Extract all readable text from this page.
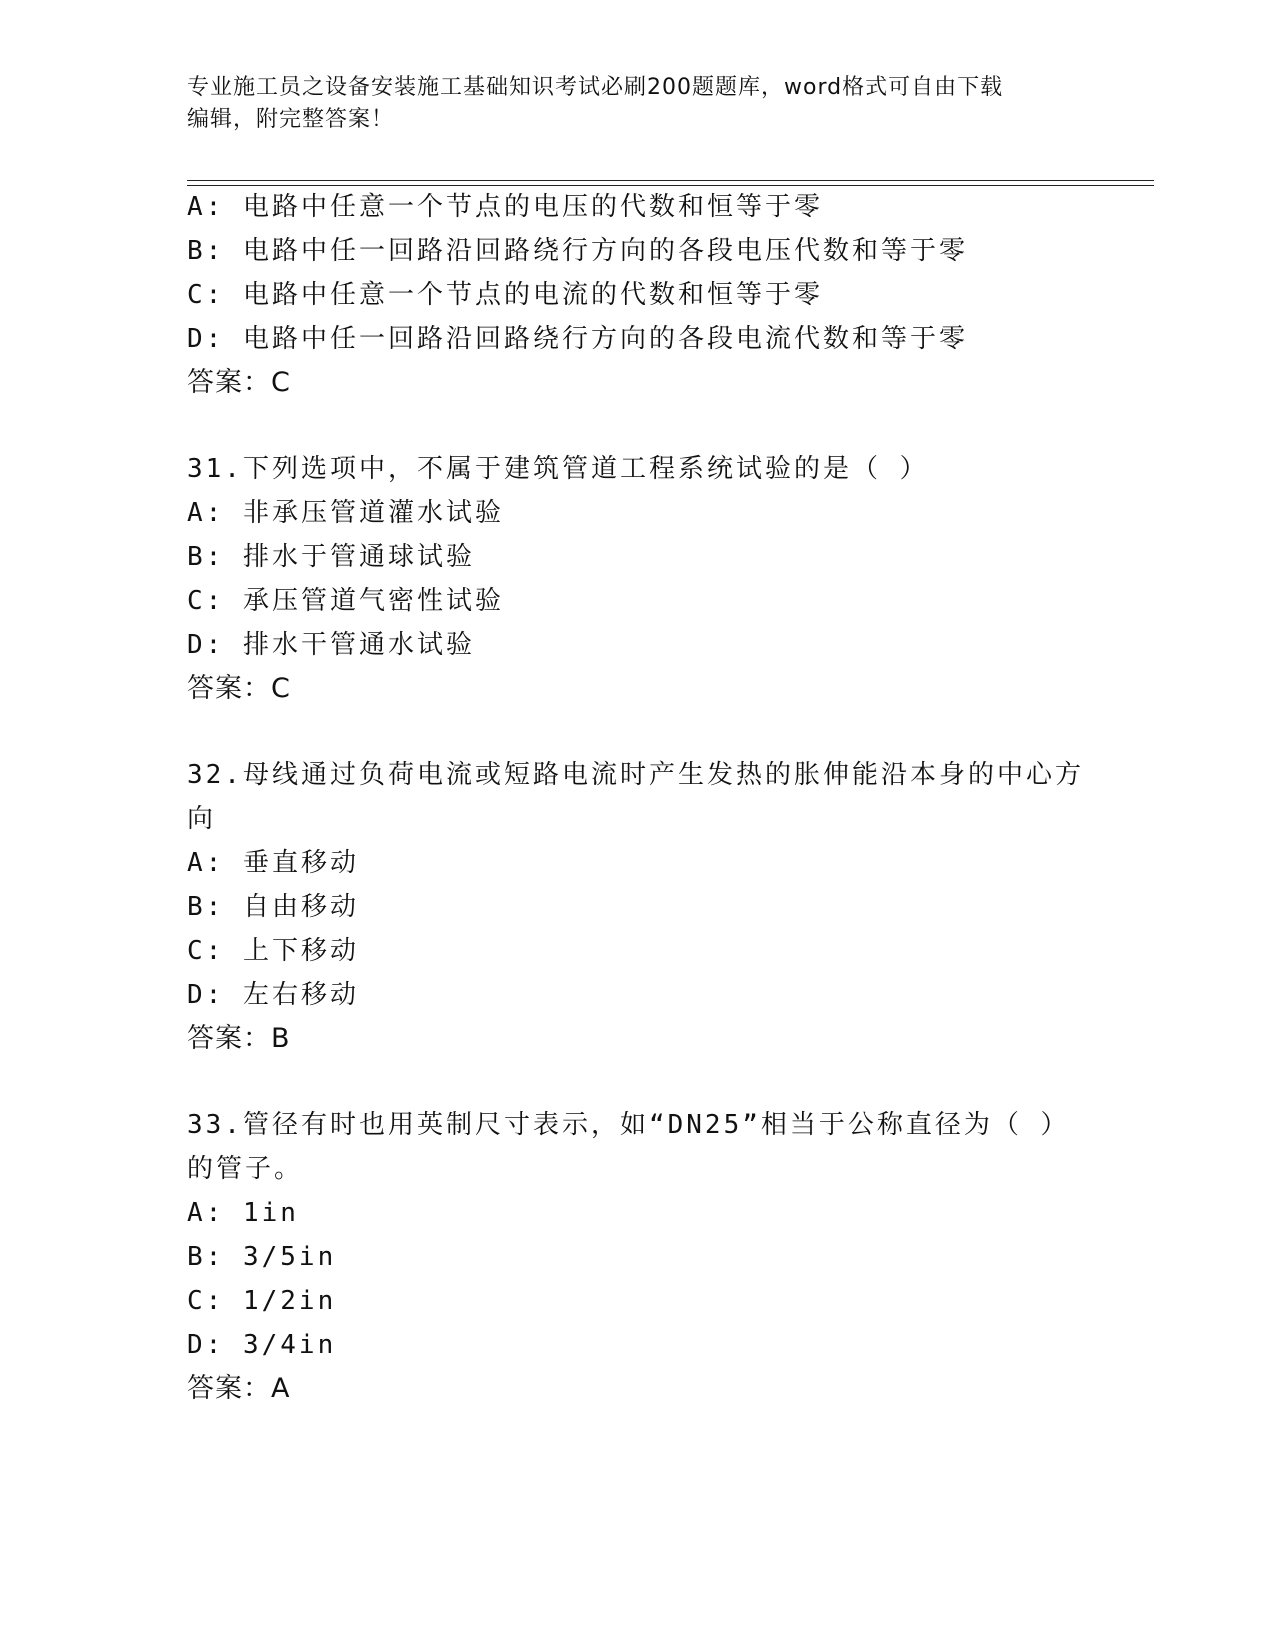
专业施工员之设备安装施工基础知识考试必刷200题题库，word格式可自由下载
编辑，附完整答案！
A: 电路中任意一个节点的电压的代数和恒等于零
B: 电路中任一回路沿回路绕行方向的各段电压代数和等于零
C: 电路中任意一个节点的电流的代数和恒等于零
D: 电路中任一回路沿回路绕行方向的各段电流代数和等于零
答案：C
31.下列选项中，不属于建筑管道工程系统试验的是（ ）
A: 非承压管道灌水试验
B: 排水于管通球试验
C: 承压管道气密性试验
D: 排水干管通水试验
答案：C
32.母线通过负荷电流或短路电流时产生发热的胀伸能沿本身的中心方
向
A: 垂直移动
B: 自由移动
C: 上下移动
D: 左右移动
答案：B
33.管径有时也用英制尺寸表示，如“DN25”相当于公称直径为（ ）
的管子。
A: 1in
B: 3/5in
C: 1/2in
D: 3/4in
答案：A
